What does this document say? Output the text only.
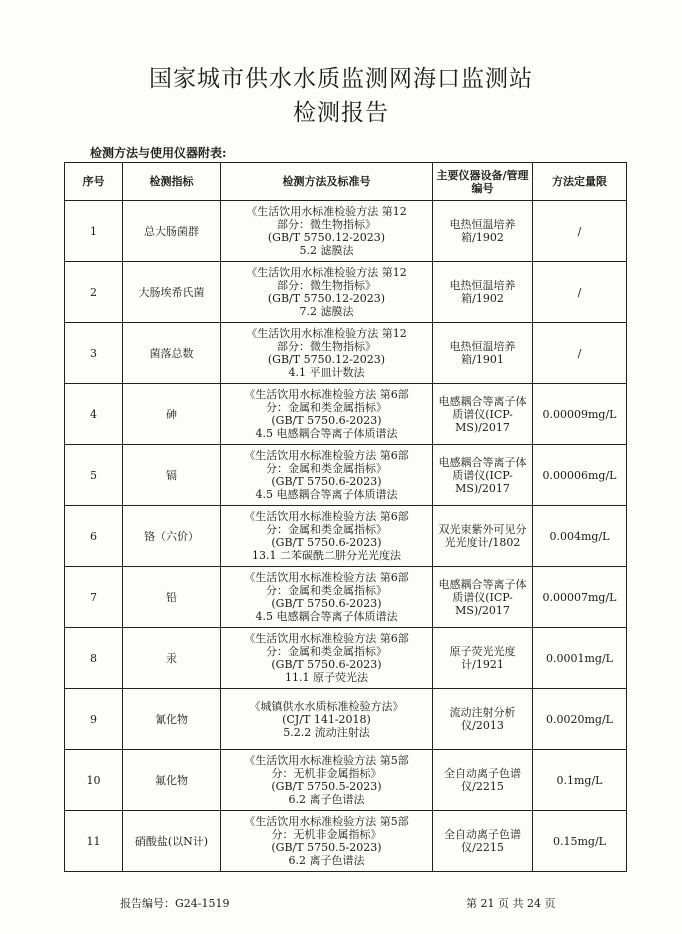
国家城市供水水质监测网海口监测站
检测报告
检测方法与使用仪器附表:
序号	检测指标	检测方法及标准号	主要仪器设备/管理编号	方法定量限
1	总大肠菌群	《生活饮用水标准检验方法 第12
部分：微生物指标》
(GB/T 5750.12-2023)
5.2 滤膜法	电热恒温培养箱/1902	/
2	大肠埃希氏菌	《生活饮用水标准检验方法 第12
部分：微生物指标》
(GB/T 5750.12-2023)
7.2 滤膜法	电热恒温培养箱/1902	/
3	菌落总数	《生活饮用水标准检验方法 第12
部分：微生物指标》
(GB/T 5750.12-2023)
4.1 平皿计数法	电热恒温培养箱/1901	/
4	砷	《生活饮用水标准检验方法 第6部
分：金属和类金属指标》
(GB/T 5750.6-2023)
4.5 电感耦合等离子体质谱法	电感耦合等离子体质谱仪(ICP-MS)/2017	0.00009mg/L
5	镉	《生活饮用水标准检验方法 第6部
分：金属和类金属指标》
(GB/T 5750.6-2023)
4.5 电感耦合等离子体质谱法	电感耦合等离子体质谱仪(ICP-MS)/2017	0.00006mg/L
6	铬（六价）	《生活饮用水标准检验方法 第6部
分：金属和类金属指标》
(GB/T 5750.6-2023)
13.1 二苯碳酰二肼分光光度法	双光束紫外可见分光光度计/1802	0.004mg/L
7	铅	《生活饮用水标准检验方法 第6部
分：金属和类金属指标》
(GB/T 5750.6-2023)
4.5 电感耦合等离子体质谱法	电感耦合等离子体质谱仪(ICP-MS)/2017	0.00007mg/L
8	汞	《生活饮用水标准检验方法 第6部
分：金属和类金属指标》
(GB/T 5750.6-2023)
11.1 原子荧光法	原子荧光光度计/1921	0.0001mg/L
9	氰化物	《城镇供水水质标准检验方法》
(CJ/T 141-2018)
5.2.2 流动注射法	流动注射分析仪/2013	0.0020mg/L
10	氟化物	《生活饮用水标准检验方法 第5部
分：无机非金属指标》
(GB/T 5750.5-2023)
6.2 离子色谱法	全自动离子色谱仪/2215	0.1mg/L
11	硝酸盐(以N计)	《生活饮用水标准检验方法 第5部
分：无机非金属指标》
(GB/T 5750.5-2023)
6.2 离子色谱法	全自动离子色谱仪/2215	0.15mg/L
报告编号：G24-1519	第 21 页 共 24 页
